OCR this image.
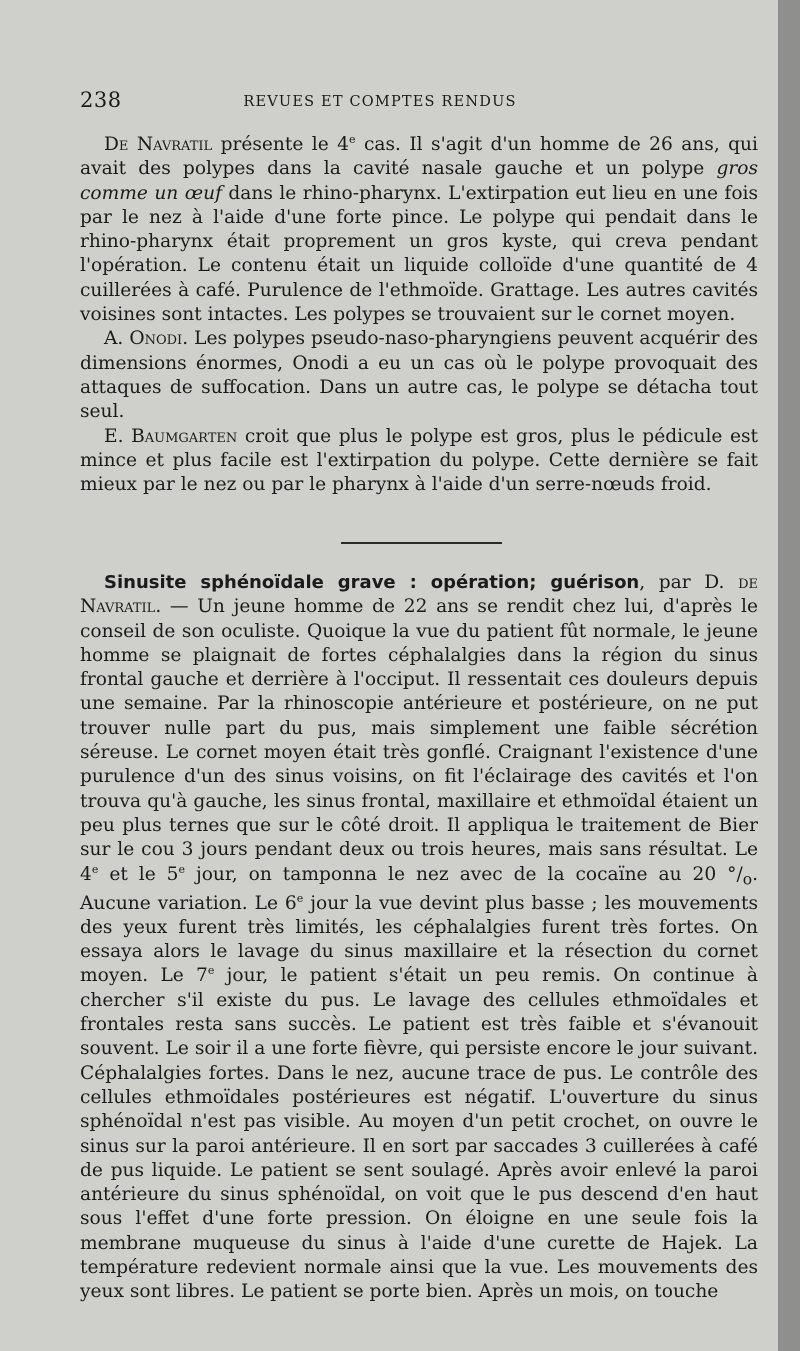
238	REVUES ET COMPTES RENDUS

De Navratil présente le 4e cas. Il s'agit d'un homme de 26 ans, qui avait des polypes dans la cavité nasale gauche et un polype gros comme un œuf dans le rhino-pharynx. L'extirpation eut lieu en une fois par le nez à l'aide d'une forte pince. Le polype qui pendait dans le rhino-pharynx était proprement un gros kyste, qui creva pendant l'opération. Le contenu était un liquide colloïde d'une quantité de 4 cuillerées à café. Purulence de l'ethmoïde. Grattage. Les autres cavités voisines sont intactes. Les polypes se trouvaient sur le cornet moyen.

A. Onodi. Les polypes pseudo-naso-pharyngiens peuvent acquérir des dimensions énormes, Onodi a eu un cas où le polype provoquait des attaques de suffocation. Dans un autre cas, le polype se détacha tout seul.

E. Baumgarten croit que plus le polype est gros, plus le pédicule est mince et plus facile est l'extirpation du polype. Cette dernière se fait mieux par le nez ou par le pharynx à l'aide d'un serre-nœuds froid.

Sinusite sphénoïdale grave : opération; guérison, par D. de Navratil. — Un jeune homme de 22 ans se rendit chez lui, d'après le conseil de son oculiste. Quoique la vue du patient fût normale, le jeune homme se plaignait de fortes céphalalgies dans la région du sinus frontal gauche et derrière à l'occiput. Il ressentait ces douleurs depuis une semaine. Par la rhinoscopie antérieure et postérieure, on ne put trouver nulle part du pus, mais simplement une faible sécrétion séreuse. Le cornet moyen était très gonflé. Craignant l'existence d'une purulence d'un des sinus voisins, on fit l'éclairage des cavités et l'on trouva qu'à gauche, les sinus frontal, maxillaire et ethmoïdal étaient un peu plus ternes que sur le côté droit. Il appliqua le traitement de Bier sur le cou 3 jours pendant deux ou trois heures, mais sans résultat. Le 4e et le 5e jour, on tamponna le nez avec de la cocaïne au 20 $^\circ/_o$. Aucune variation. Le 6e jour la vue devint plus basse ; les mouvements des yeux furent très limités, les céphalalgies furent très fortes. On essaya alors le lavage du sinus maxillaire et la résection du cornet moyen. Le 7e jour, le patient s'était un peu remis. On continue à chercher s'il existe du pus. Le lavage des cellules ethmoïdales et frontales resta sans succès. Le patient est très faible et s'évanouit souvent. Le soir il a une forte fièvre, qui persiste encore le jour suivant. Céphalalgies fortes. Dans le nez, aucune trace de pus. Le contrôle des cellules ethmoïdales postérieures est négatif. L'ouverture du sinus sphénoïdal n'est pas visible. Au moyen d'un petit crochet, on ouvre le sinus sur la paroi antérieure. Il en sort par saccades 3 cuillerées à café de pus liquide. Le patient se sent soulagé. Après avoir enlevé la paroi antérieure du sinus sphénoïdal, on voit que le pus descend d'en haut sous l'effet d'une forte pression. On éloigne en une seule fois la membrane muqueuse du sinus à l'aide d'une curette de Hajek. La température redevient normale ainsi que la vue. Les mouvements des yeux sont libres. Le patient se porte bien. Après un mois, on touche
